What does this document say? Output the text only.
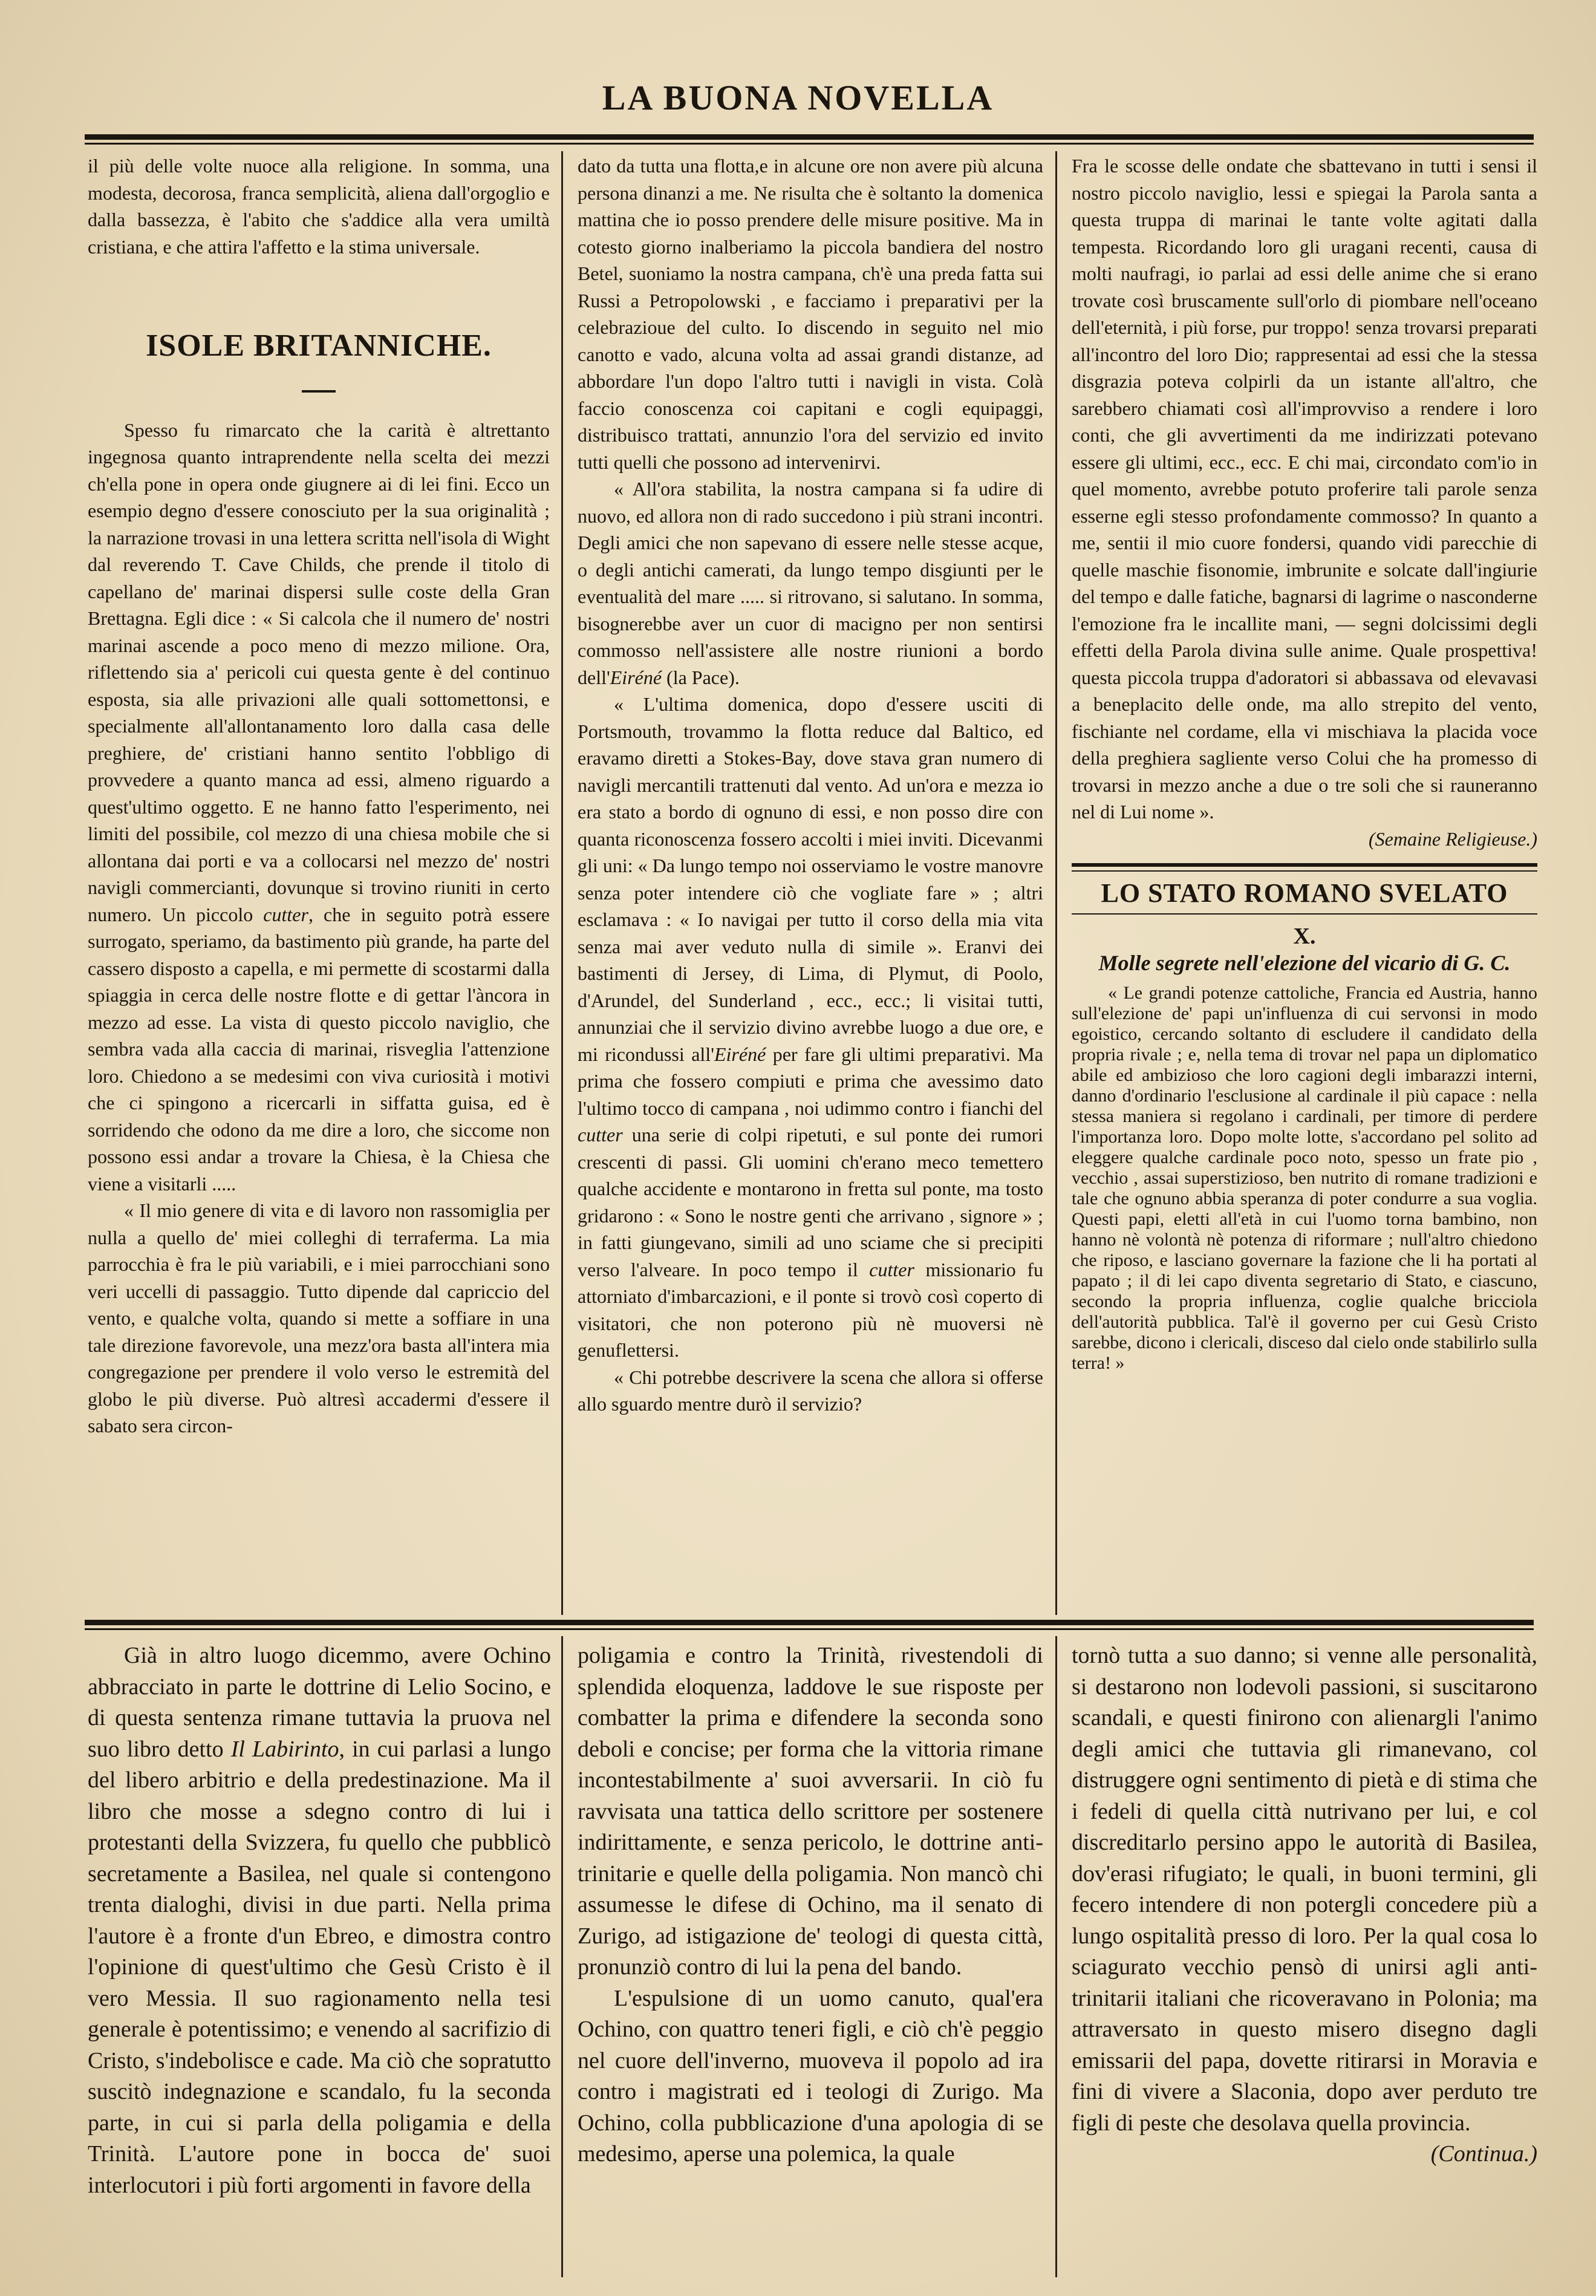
LA BUONA NOVELLA

il più delle volte nuoce alla religione. In somma, una modesta, decorosa, franca semplicità, aliena dall'orgoglio e dalla bassezza, è l'abito che s'addice alla vera umiltà cristiana, e che attira l'affetto e la stima universale.

ISOLE BRITANNICHE.

Spesso fu rimarcato che la carità è altrettanto ingegnosa quanto intraprendente nella scelta dei mezzi ch'ella pone in opera onde giugnere ai di lei fini. Ecco un esempio degno d'essere conosciuto per la sua originalità ; la narrazione trovasi in una lettera scritta nell'isola di Wight dal reverendo T. Cave Childs, che prende il titolo di capellano de' marinai dispersi sulle coste della Gran Brettagna. Egli dice : « Si calcola che il numero de' nostri marinai ascende a poco meno di mezzo milione. Ora, riflettendo sia a' pericoli cui questa gente è del continuo esposta, sia alle privazioni alle quali sottomettonsi, e specialmente all'allontanamento loro dalla casa delle preghiere, de' cristiani hanno sentito l'obbligo di provvedere a quanto manca ad essi, almeno riguardo a quest'ultimo oggetto. E ne hanno fatto l'esperimento, nei limiti del possibile, col mezzo di una chiesa mobile che si allontana dai porti e va a collocarsi nel mezzo de' nostri navigli commercianti, dovunque si trovino riuniti in certo numero. Un piccolo cutter, che in seguito potrà essere surrogato, speriamo, da bastimento più grande, ha parte del cassero disposto a capella, e mi permette di scostarmi dalla spiaggia in cerca delle nostre flotte e di gettar l'àncora in mezzo ad esse. La vista di questo piccolo naviglio, che sembra vada alla caccia di marinai, risveglia l'attenzione loro. Chiedono a se medesimi con viva curiosità i motivi che ci spingono a ricercarli in siffatta guisa, ed è sorridendo che odono da me dire a loro, che siccome non possono essi andar a trovare la Chiesa, è la Chiesa che viene a visitarli .....

« Il mio genere di vita e di lavoro non rassomiglia per nulla a quello de' miei colleghi di terraferma. La mia parrocchia è fra le più variabili, e i miei parrocchiani sono veri uccelli di passaggio. Tutto dipende dal capriccio del vento, e qualche volta, quando si mette a soffiare in una tale direzione favorevole, una mezz'ora basta all'intera mia congregazione per prendere il volo verso le estremità del globo le più diverse. Può altresì accadermi d'essere il sabato sera circon-

dato da tutta una flotta,e in alcune ore non avere più alcuna persona dinanzi a me. Ne risulta che è soltanto la domenica mattina che io posso prendere delle misure positive. Ma in cotesto giorno inalberiamo la piccola bandiera del nostro Betel, suoniamo la nostra campana, ch'è una preda fatta sui Russi a Petropolowski , e facciamo i preparativi per la celebrazioue del culto. Io discendo in seguito nel mio canotto e vado, alcuna volta ad assai grandi distanze, ad abbordare l'un dopo l'altro tutti i navigli in vista. Colà faccio conoscenza coi capitani e cogli equipaggi, distribuisco trattati, annunzio l'ora del servizio ed invito tutti quelli che possono ad intervenirvi.

« All'ora stabilita, la nostra campana si fa udire di nuovo, ed allora non di rado succedono i più strani incontri. Degli amici che non sapevano di essere nelle stesse acque, o degli antichi camerati, da lungo tempo disgiunti per le eventualità del mare ..... si ritrovano, si salutano. In somma, bisognerebbe aver un cuor di macigno per non sentirsi commosso nell'assistere alle nostre riunioni a bordo dell'Eiréné (la Pace).

« L'ultima domenica, dopo d'essere usciti di Portsmouth, trovammo la flotta reduce dal Baltico, ed eravamo diretti a Stokes-Bay, dove stava gran numero di navigli mercantili trattenuti dal vento. Ad un'ora e mezza io era stato a bordo di ognuno di essi, e non posso dire con quanta riconoscenza fossero accolti i miei inviti. Dicevanmi gli uni: « Da lungo tempo noi osserviamo le vostre manovre senza poter intendere ciò che vogliate fare » ; altri esclamava : « Io navigai per tutto il corso della mia vita senza mai aver veduto nulla di simile ». Eranvi dei bastimenti di Jersey, di Lima, di Plymut, di Poolo, d'Arundel, del Sunderland , ecc., ecc.; li visitai tutti, annunziai che il servizio divino avrebbe luogo a due ore, e mi ricondussi all'Eiréné per fare gli ultimi preparativi. Ma prima che fossero compiuti e prima che avessimo dato l'ultimo tocco di campana , noi udimmo contro i fianchi del cutter una serie di colpi ripetuti, e sul ponte dei rumori crescenti di passi. Gli uomini ch'erano meco temettero qualche accidente e montarono in fretta sul ponte, ma tosto gridarono : « Sono le nostre genti che arrivano , signore » ; in fatti giungevano, simili ad uno sciame che si precipiti verso l'alveare. In poco tempo il cutter missionario fu attorniato d'imbarcazioni, e il ponte si trovò così coperto di visitatori, che non poterono più nè muoversi nè genuflettersi.

« Chi potrebbe descrivere la scena che allora si offerse allo sguardo mentre durò il servizio?

Fra le scosse delle ondate che sbattevano in tutti i sensi il nostro piccolo naviglio, lessi e spiegai la Parola santa a questa truppa di marinai le tante volte agitati dalla tempesta. Ricordando loro gli uragani recenti, causa di molti naufragi, io parlai ad essi delle anime che si erano trovate così bruscamente sull'orlo di piombare nell'oceano dell'eternità, i più forse, pur troppo! senza trovarsi preparati all'incontro del loro Dio; rappresentai ad essi che la stessa disgrazia poteva colpirli da un istante all'altro, che sarebbero chiamati così all'improvviso a rendere i loro conti, che gli avvertimenti da me indirizzati potevano essere gli ultimi, ecc., ecc. E chi mai, circondato com'io in quel momento, avrebbe potuto proferire tali parole senza esserne egli stesso profondamente commosso? In quanto a me, sentii il mio cuore fondersi, quando vidi parecchie di quelle maschie fisonomie, imbrunite e solcate dall'ingiurie del tempo e dalle fatiche, bagnarsi di lagrime o nasconderne l'emozione fra le incallite mani, — segni dolcissimi degli effetti della Parola divina sulle anime. Quale prospettiva! questa piccola truppa d'adoratori si abbassava od elevavasi a beneplacito delle onde, ma allo strepito del vento, fischiante nel cordame, ella vi mischiava la placida voce della preghiera sagliente verso Colui che ha promesso di trovarsi in mezzo anche a due o tre soli che si rauneranno nel di Lui nome ».

(Semaine Religieuse.)

LO STATO ROMANO SVELATO
X.
Molle segrete nell'elezione del vicario di G. C.

« Le grandi potenze cattoliche, Francia ed Austria, hanno sull'elezione de' papi un'influenza di cui servonsi in modo egoistico, cercando soltanto di escludere il candidato della propria rivale ; e, nella tema di trovar nel papa un diplomatico abile ed ambizioso che loro cagioni degli imbarazzi interni, danno d'ordinario l'esclusione al cardinale il più capace : nella stessa maniera si regolano i cardinali, per timore di perdere l'importanza loro. Dopo molte lotte, s'accordano pel solito ad eleggere qualche cardinale poco noto, spesso un frate pio , vecchio , assai superstizioso, ben nutrito di romane tradizioni e tale che ognuno abbia speranza di poter condurre a sua voglia. Questi papi, eletti all'età in cui l'uomo torna bambino, non hanno nè volontà nè potenza di riformare ; null'altro chiedono che riposo, e lasciano governare la fazione che li ha portati al papato ; il di lei capo diventa segretario di Stato, e ciascuno, secondo la propria influenza, coglie qualche bricciola dell'autorità pubblica. Tal'è il governo per cui Gesù Cristo sarebbe, dicono i clericali, disceso dal cielo onde stabilirlo sulla terra! »

Già in altro luogo dicemmo, avere Ochino abbracciato in parte le dottrine di Lelio Socino, e di questa sentenza rimane tuttavia la pruova nel suo libro detto Il Labirinto, in cui parlasi a lungo del libero arbitrio e della predestinazione. Ma il libro che mosse a sdegno contro di lui i protestanti della Svizzera, fu quello che pubblicò secretamente a Basilea, nel quale si contengono trenta dialoghi, divisi in due parti. Nella prima l'autore è a fronte d'un Ebreo, e dimostra contro l'opinione di quest'ultimo che Gesù Cristo è il vero Messia. Il suo ragionamento nella tesi generale è potentissimo; e venendo al sacrifizio di Cristo, s'indebolisce e cade. Ma ciò che sopratutto suscitò indegnazione e scandalo, fu la seconda parte, in cui si parla della poligamia e della Trinità. L'autore pone in bocca de' suoi interlocutori i più forti argomenti in favore della

poligamia e contro la Trinità, rivestendoli di splendida eloquenza, laddove le sue risposte per combatter la prima e difendere la seconda sono deboli e concise; per forma che la vittoria rimane incontestabilmente a' suoi avversarii. In ciò fu ravvisata una tattica dello scrittore per sostenere indirittamente, e senza pericolo, le dottrine anti-trinitarie e quelle della poligamia. Non mancò chi assumesse le difese di Ochino, ma il senato di Zurigo, ad istigazione de' teologi di questa città, pronunziò contro di lui la pena del bando.

L'espulsione di un uomo canuto, qual'era Ochino, con quattro teneri figli, e ciò ch'è peggio nel cuore dell'inverno, muoveva il popolo ad ira contro i magistrati ed i teologi di Zurigo. Ma Ochino, colla pubblicazione d'una apologia di se medesimo, aperse una polemica, la quale

tornò tutta a suo danno; si venne alle personalità, si destarono non lodevoli passioni, si suscitarono scandali, e questi finirono con alienargli l'animo degli amici che tuttavia gli rimanevano, col distruggere ogni sentimento di pietà e di stima che i fedeli di quella città nutrivano per lui, e col discreditarlo persino appo le autorità di Basilea, dov'erasi rifugiato; le quali, in buoni termini, gli fecero intendere di non potergli concedere più a lungo ospitalità presso di loro. Per la qual cosa lo sciagurato vecchio pensò di unirsi agli anti-trinitarii italiani che ricoveravano in Polonia; ma attraversato in questo misero disegno dagli emissarii del papa, dovette ritirarsi in Moravia e fini di vivere a Slaconia, dopo aver perduto tre figli di peste che desolava quella provincia.

(Continua.)
